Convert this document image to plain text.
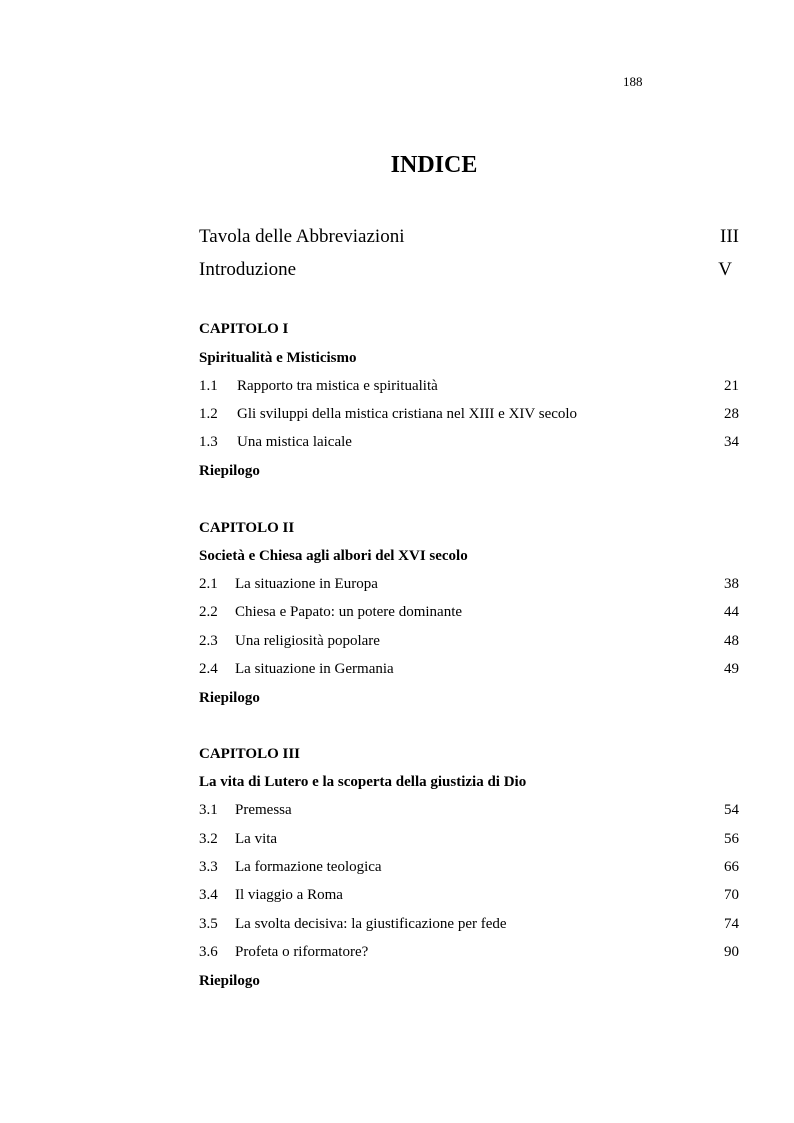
188
INDICE
Tavola delle Abbreviazioni	III
Introduzione	V
CAPITOLO I
Spiritualità e Misticismo
1.1 Rapporto tra mistica e spiritualità	21
1.2 Gli sviluppi della mistica cristiana nel XIII e XIV secolo	28
1.3 Una mistica laicale	34
Riepilogo
CAPITOLO II
Società e Chiesa agli albori del XVI secolo
2.1 La situazione in Europa	38
2.2 Chiesa e Papato: un potere dominante	44
2.3 Una religiosità popolare	48
2.4 La situazione in Germania	49
Riepilogo
CAPITOLO III
La vita di Lutero e la scoperta della giustizia di Dio
3.1 Premessa	54
3.2 La vita	56
3.3 La formazione teologica	66
3.4 Il viaggio a Roma	70
3.5 La svolta decisiva: la giustificazione per fede	74
3.6 Profeta o riformatore?	90
Riepilogo
